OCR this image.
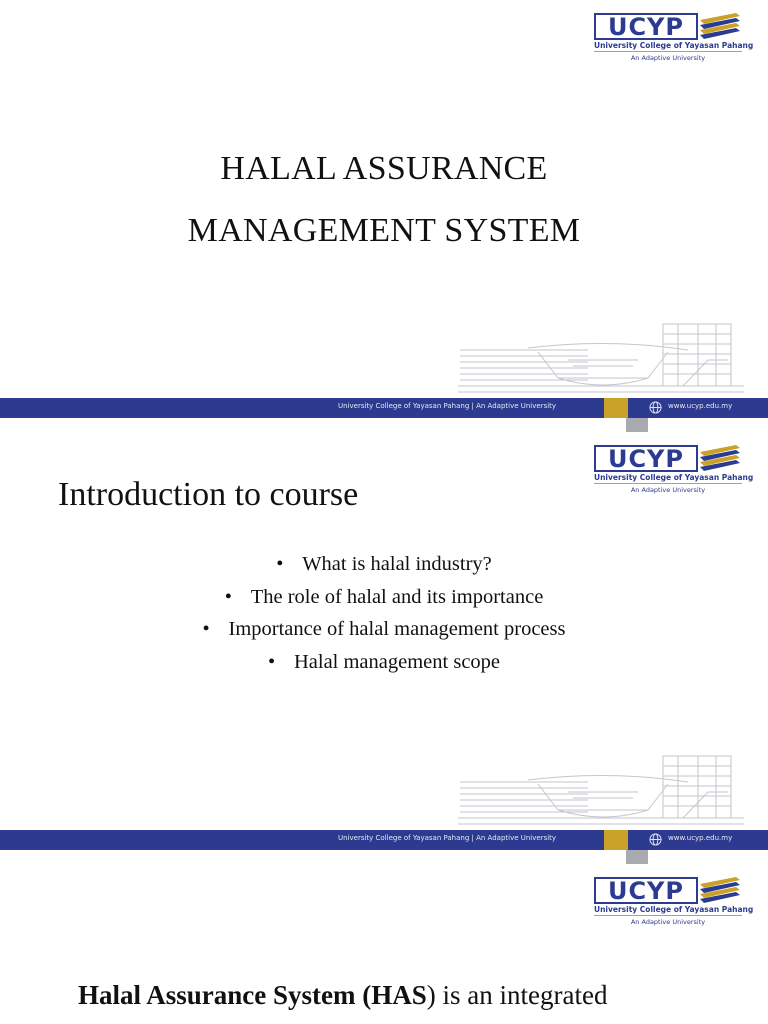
UCYP
University College of Yayasan Pahang
An Adaptive University
HALAL ASSURANCE
MANAGEMENT SYSTEM
University College of Yayasan Pahang | An Adaptive University	www.ucyp.edu.my
UCYP
University College of Yayasan Pahang
An Adaptive University
Introduction to course
• What is halal industry?
• The role of halal and its importance
• Importance of halal management process
• Halal management scope
University College of Yayasan Pahang | An Adaptive University	www.ucyp.edu.my
UCYP
University College of Yayasan Pahang
An Adaptive University
Halal Assurance System (HAS) is an integrated
